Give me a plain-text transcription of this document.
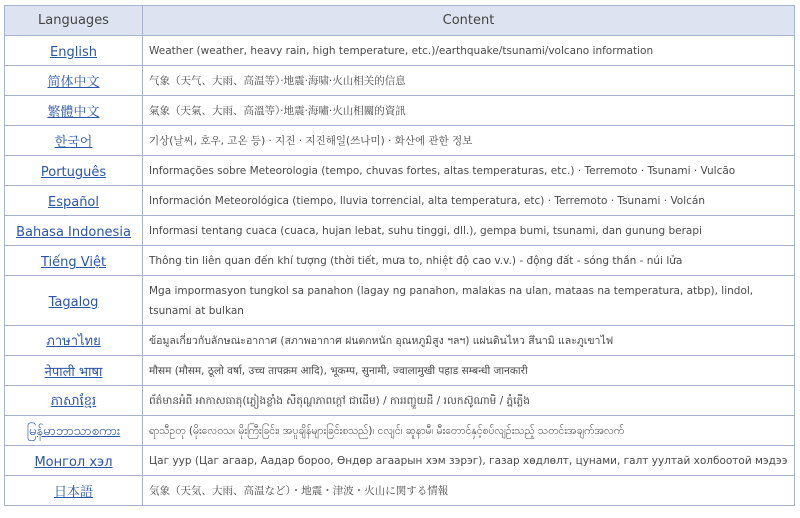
Languages	Content
English	Weather (weather, heavy rain, high temperature, etc.)/earthquake/tsunami/volcano information
简体中文	气象（天气、大雨、高温等）·地震·海啸·火山相关的信息
繁體中文	氣象（天氣、大雨、高溫等）·地震·海嘯·火山相關的資訊
한국어	기상(날씨, 호우, 고온 등) · 지진 · 지진해일(쓰나미) · 화산에 관한 정보
Português	Informações sobre Meteorologia (tempo, chuvas fortes, altas temperaturas, etc.) · Terremoto · Tsunami · Vulcão
Español	Información Meteorológica (tiempo, lluvia torrencial, alta temperatura, etc) · Terremoto · Tsunami · Volcán
Bahasa Indonesia	Informasi tentang cuaca (cuaca, hujan lebat, suhu tinggi, dll.), gempa bumi, tsunami, dan gunung berapi
Tiếng Việt	Thông tin liên quan đến khí tượng (thời tiết, mưa to, nhiệt độ cao v.v.) - động đất - sóng thần - núi lửa
Tagalog	Mga impormasyon tungkol sa panahon (lagay ng panahon, malakas na ulan, mataas na temperatura, atbp), lindol, tsunami at bulkan
ภาษาไทย	ข้อมูลเกี่ยวกับลักษณะอากาศ (สภาพอากาศ ฝนตกหนัก อุณหภูมิสูง ฯลฯ) แผ่นดินไหว สึนามิ และภูเขาไฟ
नेपाली भाषा	मौसम (मौसम, ठूलो वर्षा, उच्च तापक्रम आदि), भूकम्प, सुनामी, ज्वालामुखी पहाड सम्बन्धी जानकारी
ភាសាខ្មែរ	ព័ត៌មានអំពី អាកាសធាតុ(ភ្លៀងខ្លាំង សីតុណ្ហភាពក្តៅ ជាដើម) / ការរញ្ជួយដី / រលកស៊ូណាមិ / ភ្នំភ្លើង
မြန်မာဘာသာစကား	ရာသီဥတု (မိုးလေဝသ၊ မိုးကြီးခြင်း၊ အပူချိန်များခြင်းစသည်)၊ ငလျင်၊ ဆူနာမီ၊ မီးတောင်နှင့်စပ်လျဉ်းသည့် သတင်းအချက်အလက်
Монгол хэл	Цаг уур (Цаг агаар, Аадар бороо, Өндөр агаарын хэм зэрэг), газар хөдлөлт, цунами, галт уултай холбоотой мэдээ
日本語	気象（天気、大雨、高温など）・地震・津波・火山に関する情報
